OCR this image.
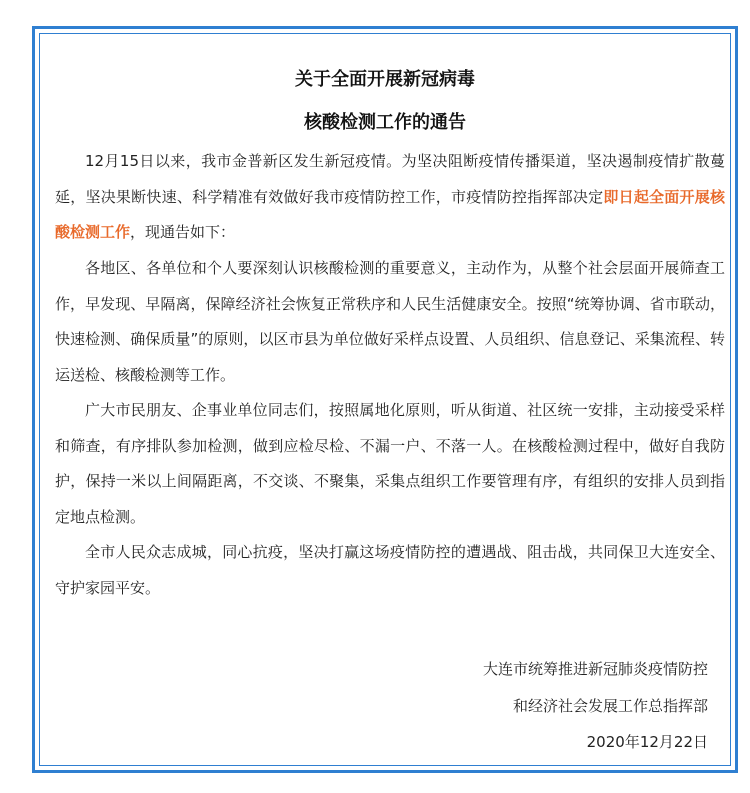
关于全面开展新冠病毒
核酸检测工作的通告

12月15日以来，我市金普新区发生新冠疫情。为坚决阻断疫情传播渠道，坚决遏制疫情扩散蔓延，坚决果断快速、科学精准有效做好我市疫情防控工作，市疫情防控指挥部决定即日起全面开展核酸检测工作，现通告如下：

各地区、各单位和个人要深刻认识核酸检测的重要意义，主动作为，从整个社会层面开展筛查工作，早发现、早隔离，保障经济社会恢复正常秩序和人民生活健康安全。按照“统筹协调、省市联动，快速检测、确保质量”的原则，以区市县为单位做好采样点设置、人员组织、信息登记、采集流程、转运送检、核酸检测等工作。

广大市民朋友、企事业单位同志们，按照属地化原则，听从街道、社区统一安排，主动接受采样和筛查，有序排队参加检测，做到应检尽检、不漏一户、不落一人。在核酸检测过程中，做好自我防护，保持一米以上间隔距离，不交谈、不聚集，采集点组织工作要管理有序，有组织的安排人员到指定地点检测。

全市人民众志成城，同心抗疫，坚决打赢这场疫情防控的遭遇战、阻击战，共同保卫大连安全、守护家园平安。

大连市统筹推进新冠肺炎疫情防控
和经济社会发展工作总指挥部
2020年12月22日
